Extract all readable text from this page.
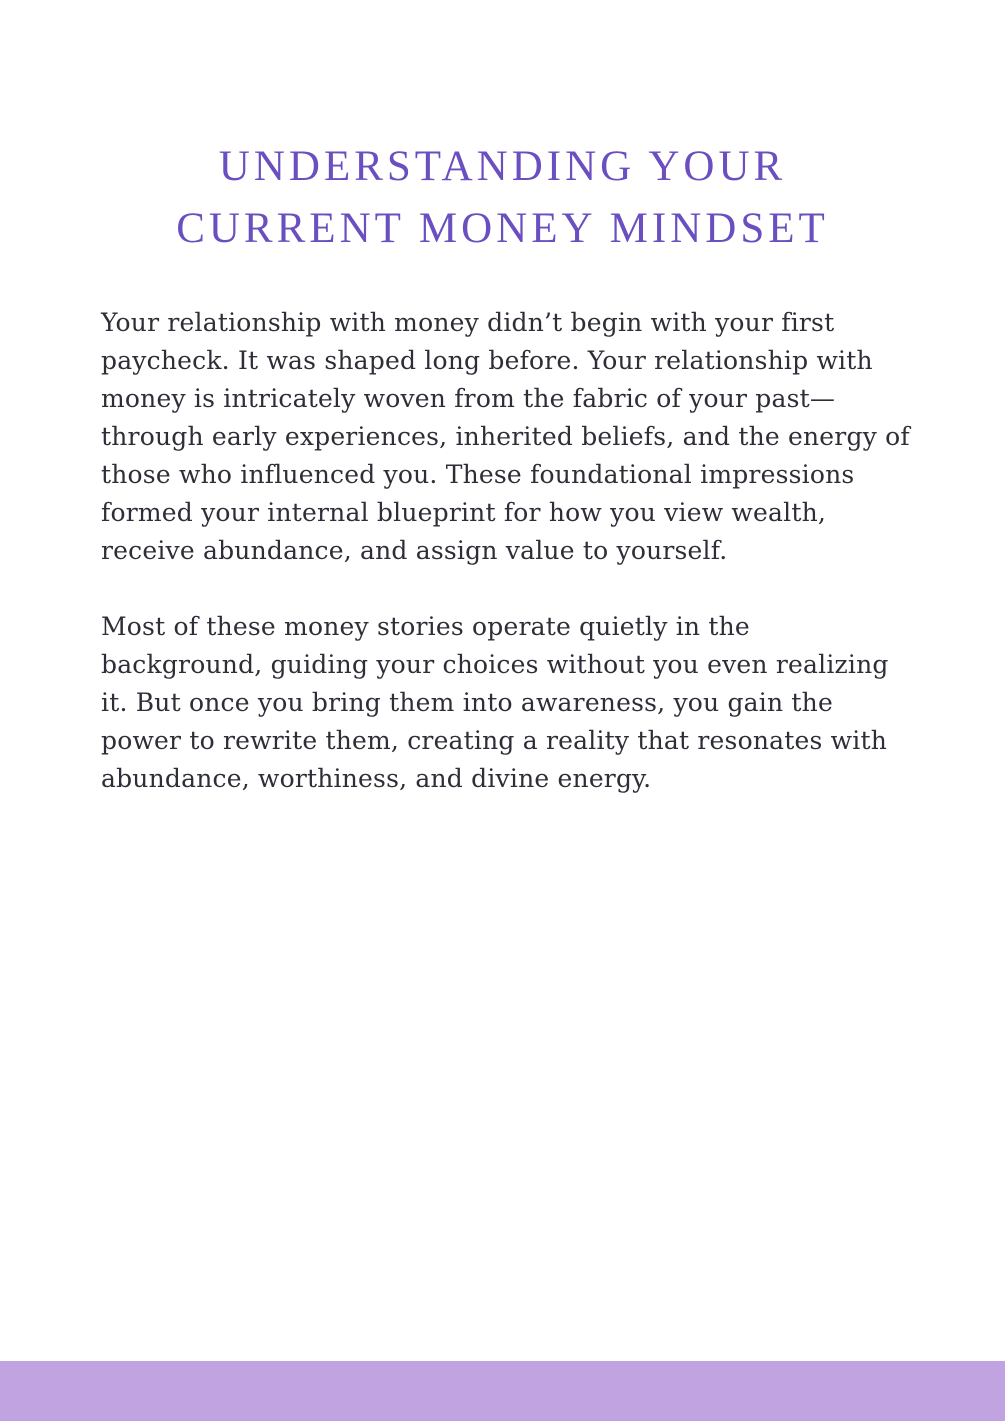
UNDERSTANDING YOUR
CURRENT MONEY MINDSET

Your relationship with money didn’t begin with your first paycheck. It was shaped long before. Your relationship with money is intricately woven from the fabric of your past—through early experiences, inherited beliefs, and the energy of those who influenced you. These foundational impressions formed your internal blueprint for how you view wealth, receive abundance, and assign value to yourself.

Most of these money stories operate quietly in the background, guiding your choices without you even realizing it. But once you bring them into awareness, you gain the power to rewrite them, creating a reality that resonates with abundance, worthiness, and divine energy.
